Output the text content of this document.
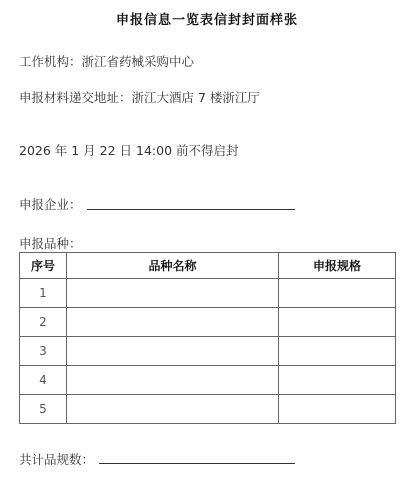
申报信息一览表信封封面样张
工作机构：浙江省药械采购中心
申报材料递交地址：浙江大酒店 7 楼浙江厅
2026 年 1 月 22 日 14:00 前不得启封
申报企业：
申报品种：
序号	品种名称	申报规格
1		
2		
3		
4		
5		
共计品规数：
